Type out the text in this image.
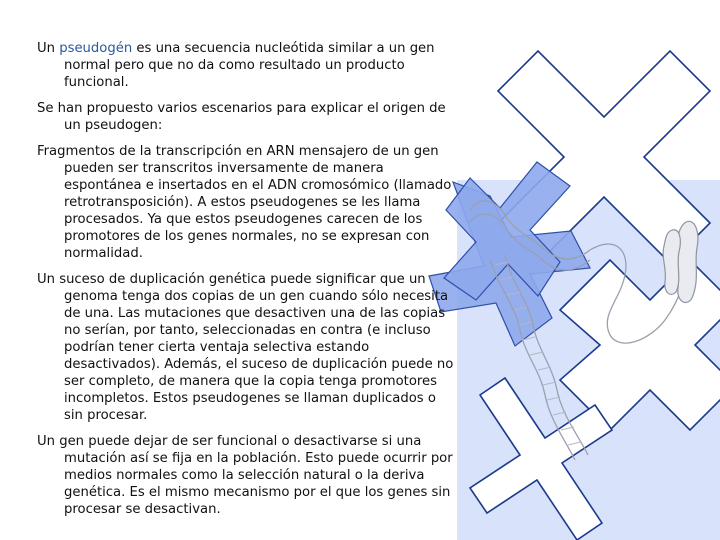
Un pseudogén es una secuencia nucleótida similar a un gen normal pero que no da como resultado un producto funcional.

Se han propuesto varios escenarios para explicar el origen de un pseudogen:

Fragmentos de la transcripción en ARN mensajero de un gen pueden ser transcritos inversamente de manera espontánea e insertados en el ADN cromosómico (llamado retrotransposición). A estos pseudogenes se les llama procesados. Ya que estos pseudogenes carecen de los promotores de los genes normales, no se expresan con normalidad.

Un suceso de duplicación genética puede significar que un genoma tenga dos copias de un gen cuando sólo necesita de una. Las mutaciones que desactiven una de las copias no serían, por tanto, seleccionadas en contra (e incluso podrían tener cierta ventaja selectiva estando desactivados). Además, el suceso de duplicación puede no ser completo, de manera que la copia tenga promotores incompletos. Estos pseudogenes se llaman duplicados o sin procesar.

Un gen puede dejar de ser funcional o desactivarse si una mutación así se fija en la población. Esto puede ocurrir por medios normales como la selección natural o la deriva genética. Es el mismo mecanismo por el que los genes sin procesar se desactivan.
